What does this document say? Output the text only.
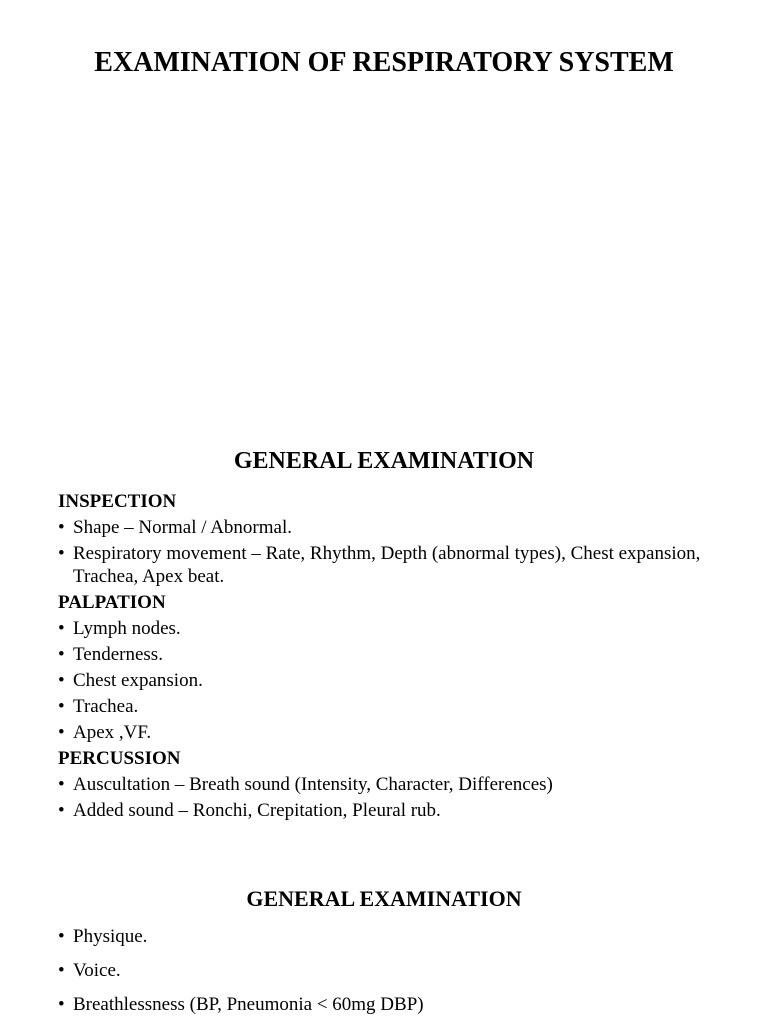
EXAMINATION OF RESPIRATORY SYSTEM
GENERAL EXAMINATION
INSPECTION
• Shape – Normal / Abnormal.
• Respiratory movement – Rate, Rhythm, Depth (abnormal types), Chest expansion, Trachea, Apex beat.
PALPATION
• Lymph nodes.
• Tenderness.
• Chest expansion.
• Trachea.
• Apex ,VF.
PERCUSSION
• Auscultation – Breath sound (Intensity, Character, Differences)
• Added sound – Ronchi, Crepitation, Pleural rub.
GENERAL EXAMINATION
• Physique.
• Voice.
• Breathlessness (BP, Pneumonia < 60mg DBP)
